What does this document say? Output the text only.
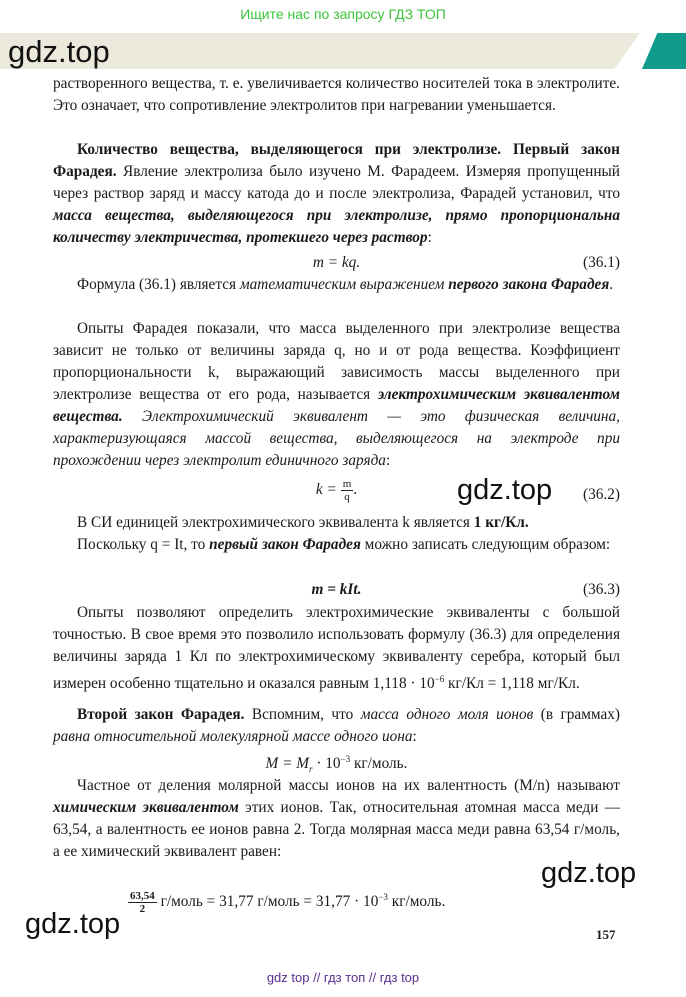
Ищите нас по запросу ГДЗ ТОП
gdz.top
растворенного вещества, т. е. увеличивается количество носителей тока в электролите. Это означает, что сопротивление электролитов при нагревании уменьшается.
Количество вещества, выделяющегося при электролизе. Первый закон Фарадея. Явление электролиза было изучено М. Фарадеем. Измеряя пропущенный через раствор заряд и массу катода до и после электролиза, Фарадей установил, что масса вещества, выделяющегося при электролизе, прямо пропорциональна количеству электричества, протекшего через раствор:
m = kq.	(36.1)
Формула (36.1) является математическим выражением первого закона Фарадея.
Опыты Фарадея показали, что масса выделенного при электролизе вещества зависит не только от величины заряда q, но и от рода вещества. Коэффициент пропорциональности k, выражающий зависимость массы выделенного при электролизе вещества от его рода, называется электрохимическим эквивалентом вещества. Электрохимический эквивалент — это физическая величина, характеризующаяся массой вещества, выделяющегося на электроде при прохождении через электролит единичного заряда:
$k = \frac{m}{q}$ .	(36.2)
gdz.top
В СИ единицей электрохимического эквивалента k является 1 кг/Кл.
Поскольку q = It, то первый закон Фарадея можно записать следующим образом:
m = kIt.	(36.3)
Опыты позволяют определить электрохимические эквиваленты с большой точностью. В свое время это позволило использовать формулу (36.3) для определения величины заряда 1 Кл по электрохимическому эквиваленту серебра, который был измерен особенно тщательно и оказался равным $1,118 \cdot 10^{-6}$ кг/Кл = 1,118 мг/Кл.
Второй закон Фарадея. Вспомним, что масса одного моля ионов (в граммах) равна относительной молекулярной массе одного иона:
$M = M_r \cdot 10^{-3}$ кг/моль.
Частное от деления молярной массы ионов на их валентность (M/n) называют химическим эквивалентом этих ионов. Так, относительная атомная масса меди — 63,54, а валентность ее ионов равна 2. Тогда молярная масса меди равна 63,54 г/моль, а ее химический эквивалент равен:
gdz.top
$\frac{63,54}{2}$ г/моль = 31,77 г/моль = $31,77 \cdot 10^{-3}$ кг/моль.
gdz.top	157
gdz top // гдз топ // гдз top
